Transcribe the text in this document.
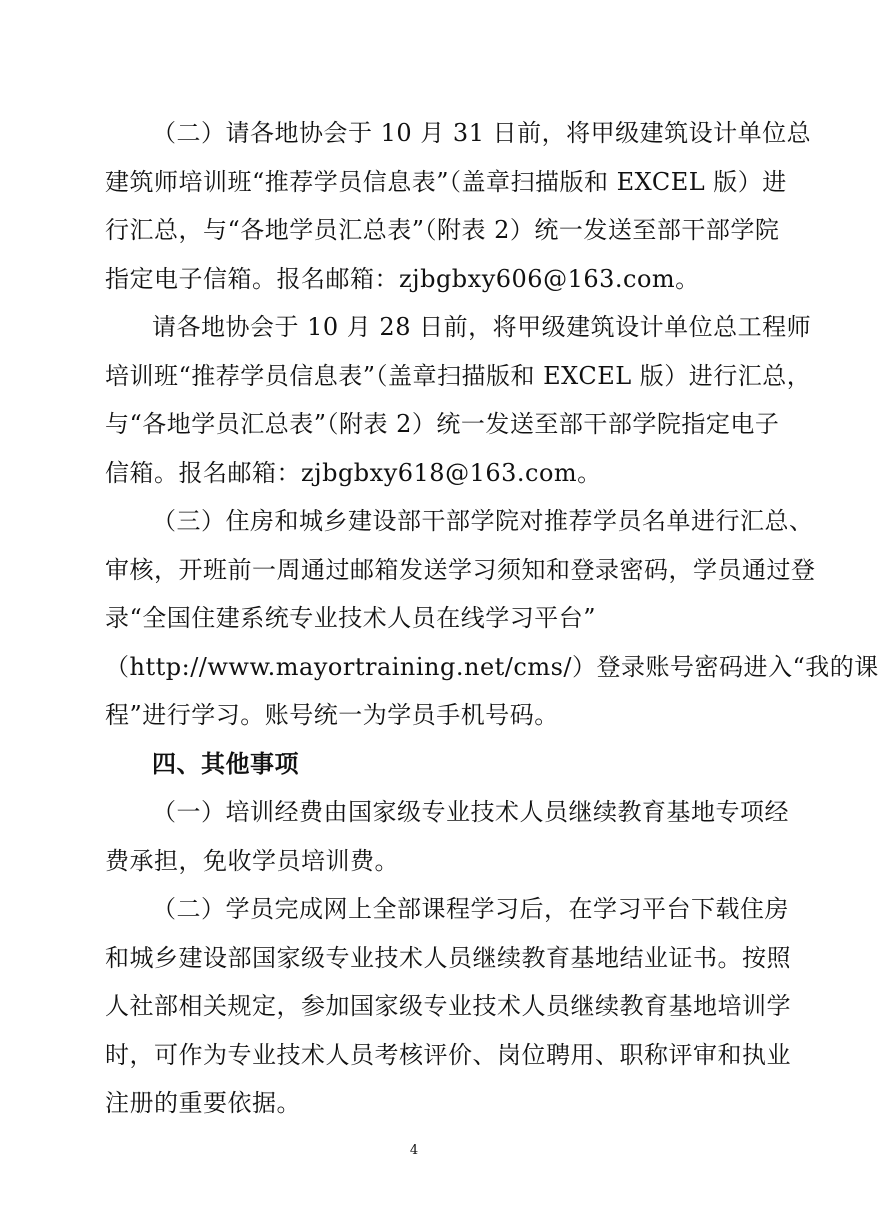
（二）请各地协会于 10 月 31 日前，将甲级建筑设计单位总
建筑师培训班“推荐学员信息表”（盖章扫描版和 EXCEL 版）进
行汇总，与“各地学员汇总表”（附表 2）统一发送至部干部学院
指定电子信箱。报名邮箱：zjbgbxy606@163.com。
请各地协会于 10 月 28 日前，将甲级建筑设计单位总工程师
培训班“推荐学员信息表”（盖章扫描版和 EXCEL 版）进行汇总，
与“各地学员汇总表”（附表 2）统一发送至部干部学院指定电子
信箱。报名邮箱：zjbgbxy618@163.com。
（三）住房和城乡建设部干部学院对推荐学员名单进行汇总、
审核，开班前一周通过邮箱发送学习须知和登录密码，学员通过登
录“全国住建系统专业技术人员在线学习平台”
（http://www.mayortraining.net/cms/）登录账号密码进入“我的课
程”进行学习。账号统一为学员手机号码。
四、其他事项
（一）培训经费由国家级专业技术人员继续教育基地专项经
费承担，免收学员培训费。
（二）学员完成网上全部课程学习后，在学习平台下载住房
和城乡建设部国家级专业技术人员继续教育基地结业证书。按照
人社部相关规定，参加国家级专业技术人员继续教育基地培训学
时，可作为专业技术人员考核评价、岗位聘用、职称评审和执业
注册的重要依据。
4
